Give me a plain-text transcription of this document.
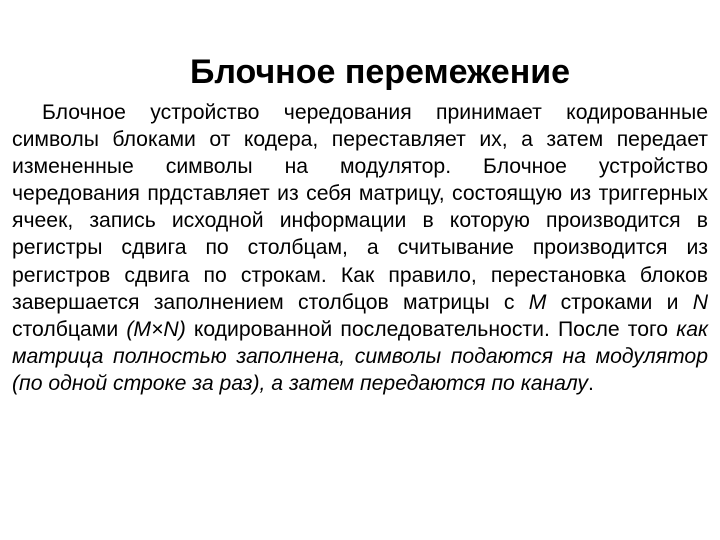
Блочное перемежение

Блочное устройство чередования принимает кодированные символы блоками от кодера, переставляет их, а затем передает измененные символы на модулятор. Блочное устройство чередования прдставляет из себя матрицу, состоящую из триггерных ячеек, запись исходной информации в которую производится в регистры сдвига по столбцам, а считывание производится из регистров сдвига по строкам. Как правило, перестановка блоков завершается заполнением столбцов матрицы с M строками и N столбцами (M×N) кодированной последовательности. После того как матрица полностью заполнена, символы подаются на модулятор (по одной строке за раз), а затем передаются по каналу.
